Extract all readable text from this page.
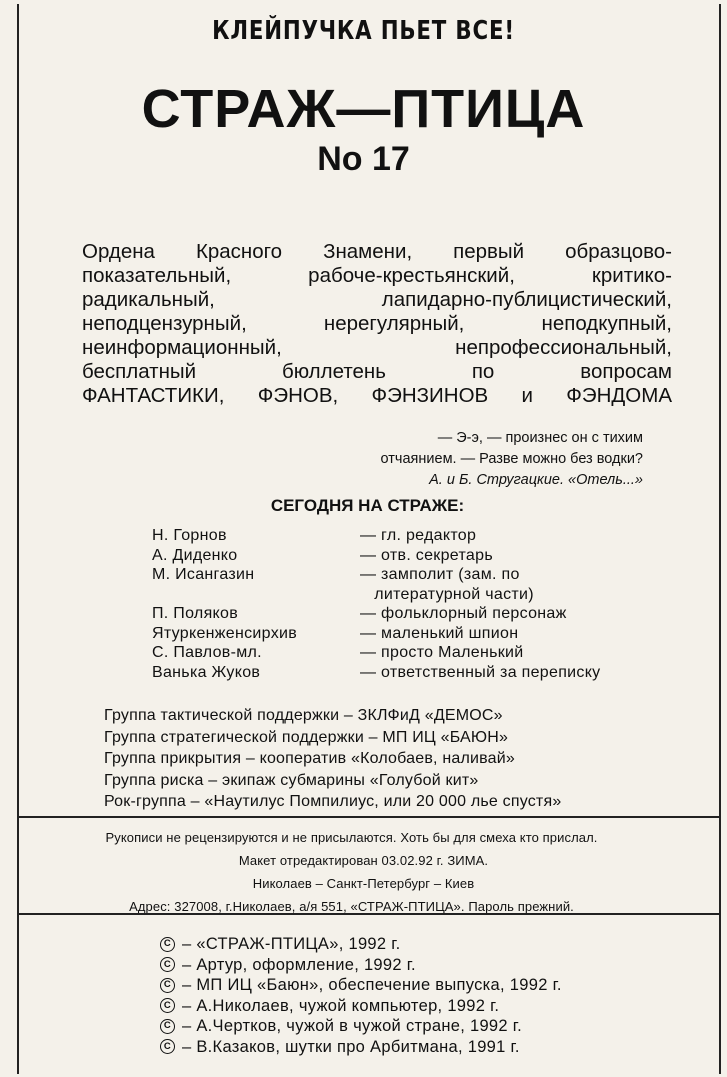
КЛЕЙПУЧКА ПЬЕТ ВСЕ!
СТРАЖ—ПТИЦА
No 17
Ордена Красного Знамени, первый образцово-
показательный, рабоче-крестьянский, критико-
радикальный, лапидарно-публицистический,
неподцензурный, нерегулярный, неподкупный,
неинформационный, непрофессиональный,
бесплатный бюллетень по вопросам
ФАНТАСТИКИ, ФЭНОВ, ФЭНЗИНОВ и ФЭНДОМА
— Э-э, — произнес он с тихим
отчаянием. — Разве можно без водки?
А. и Б. Стругацкие. «Отель...»
СЕГОДНЯ НА СТРАЖЕ:
Н. Горнов	— гл. редактор
А. Диденко	— отв. секретарь
М. Исангазин	— замполит (зам. по
литературной части)
П. Поляков	— фольклорный персонаж
Ятуркенженсирхив	— маленький шпион
С. Павлов-мл.	— просто Маленький
Ванька Жуков	— ответственный за переписку
Группа тактической поддержки – ЗКЛФиД «ДЕМОС»
Группа стратегической поддержки – МП ИЦ «БАЮН»
Группа прикрытия – кооператив «Колобаев, наливай»
Группа риска – экипаж субмарины «Голубой кит»
Рок-группа – «Наутилус Помпилиус, или 20 000 лье спустя»
Рукописи не рецензируются и не присылаются. Хоть бы для смеха кто прислал.
Макет отредактирован 03.02.92 г. ЗИМА.
Николаев – Санкт-Петербург – Киев
Адрес: 327008, г.Николаев, а/я 551, «СТРАЖ-ПТИЦА». Пароль прежний.
C – «СТРАЖ-ПТИЦА», 1992 г.
C – Артур, оформление, 1992 г.
C – МП ИЦ «Баюн», обеспечение выпуска, 1992 г.
C – А.Николаев, чужой компьютер, 1992 г.
C – А.Чертков, чужой в чужой стране, 1992 г.
C – В.Казаков, шутки про Арбитмана, 1991 г.
